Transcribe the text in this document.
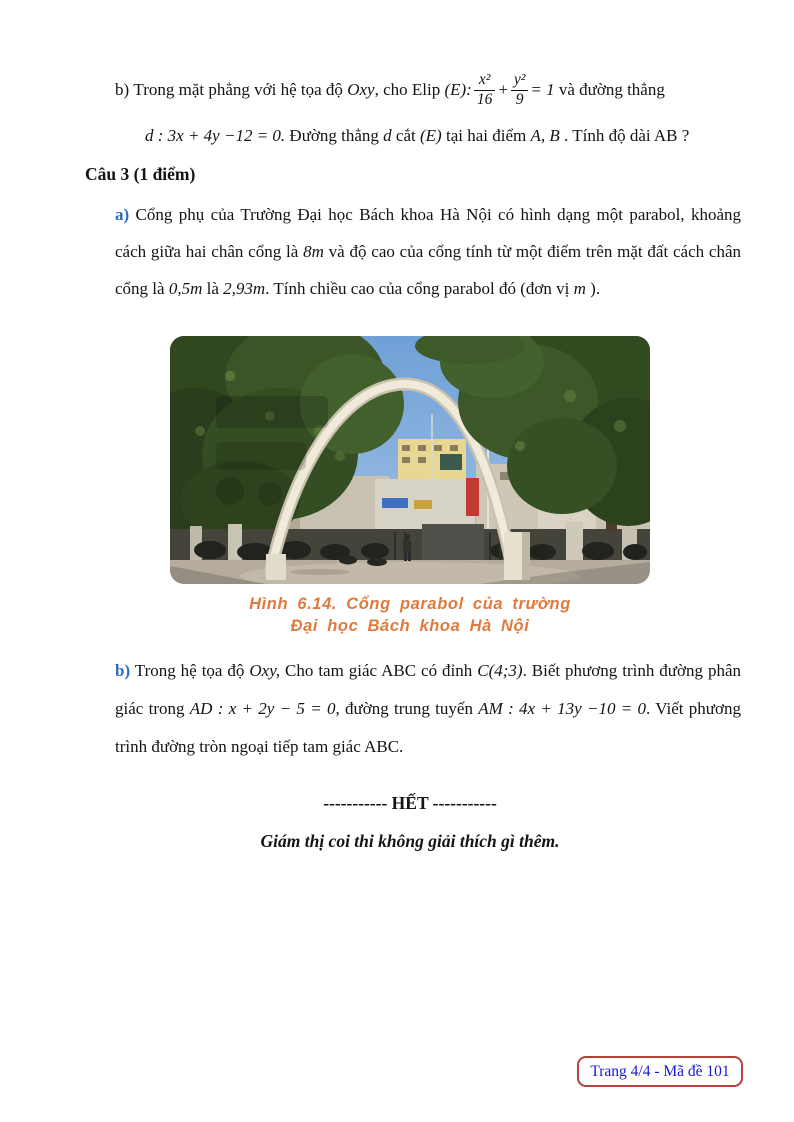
b) Trong mặt phẳng với hệ tọa độ Oxy , cho Elip (E): $\frac{\text{x²}}{16} + \frac{\text{y²}}{9} = 1$ và đường thẳng
d : 3x + 4y −12 = 0. Đường thẳng d cắt (E) tại hai điểm A, B . Tính độ dài AB ?
Câu 3 (1 điểm)
a) Cổng phụ của Trường Đại học Bách khoa Hà Nội có hình dạng một parabol, khoảng cách giữa hai chân cổng là 8m và độ cao của cổng tính từ một điểm trên mặt đất cách chân cổng là 0,5m là 2,93m. Tính chiều cao của cổng parabol đó (đơn vị m ).
Hình 6.14. Cổng parabol của trường
Đại học Bách khoa Hà Nội
b) Trong hệ tọa độ Oxy, Cho tam giác ABC có đỉnh C(4;3). Biết phương trình đường phân giác trong AD : x + 2y − 5 = 0, đường trung tuyến AM : 4x + 13y −10 = 0. Viết phương trình đường tròn ngoại tiếp tam giác ABC.
----------- HẾT -----------
Giám thị coi thi không giải thích gì thêm.
Trang 4/4 - Mã đề 101
